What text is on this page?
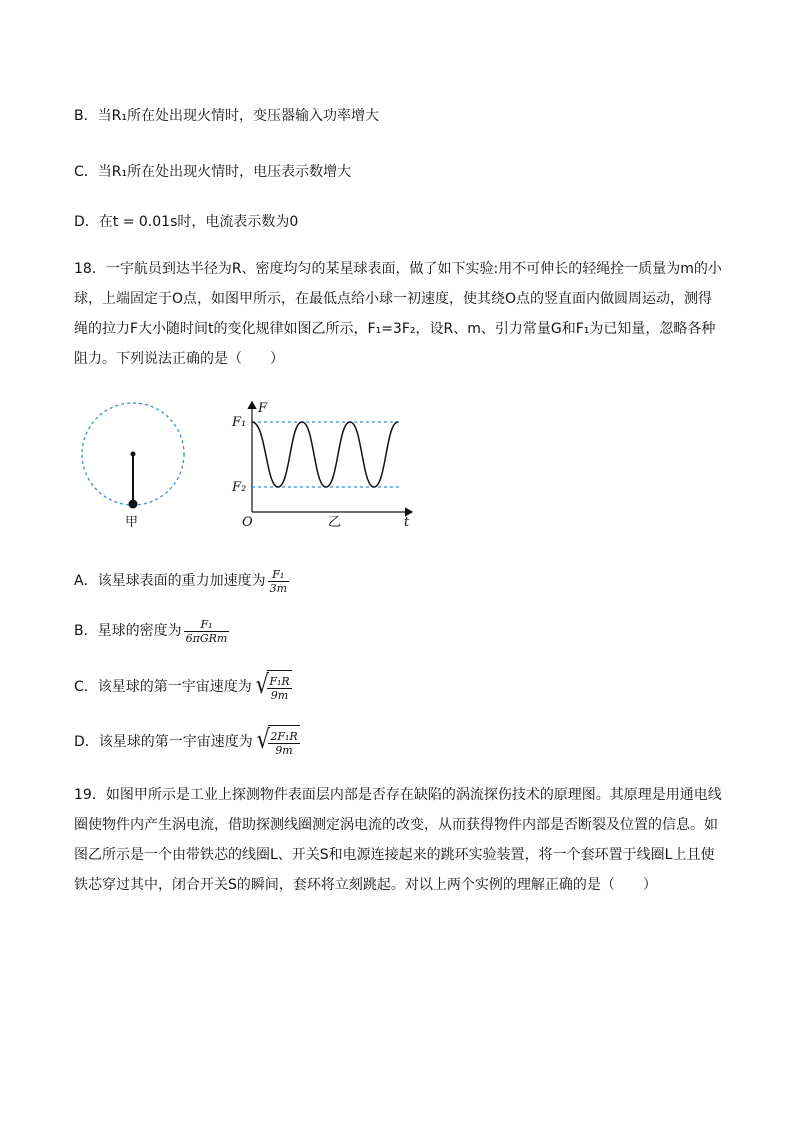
B．当R₁所在处出现火情时，变压器输入功率增大
C．当R₁所在处出现火情时，电压表示数增大
D．在t = 0.01s时，电流表示数为0
18．一宇航员到达半径为R、密度均匀的某星球表面，做了如下实验:用不可伸长的轻绳拴一质量为m的小球，上端固定于O点，如图甲所示，在最低点给小球一初速度，使其绕O点的竖直面内做圆周运动，测得绳的拉力F大小随时间t的变化规律如图乙所示，F₁=3F₂，设R、m、引力常量G和F₁为已知量，忽略各种阻力。下列说法正确的是（　　）
甲
F
t
O
F₁
F₂
乙
A．该星球表面的重力加速度为 $\frac{\text{F₁}}{3m}$
B．星球的密度为 $\frac{\text{F₁}}{\text{6πGRm}}$
C．该星球的第一宇宙速度为 √
$\frac{\text{F₁R}}{9m}$
D．该星球的第一宇宙速度为 √
$\frac{\text{2F₁R}}{9m}$
19．如图甲所示是工业上探测物件表面层内部是否存在缺陷的涡流探伤技术的原理图。其原理是用通电线圈使物件内产生涡电流，借助探测线圈测定涡电流的改变，从而获得物件内部是否断裂及位置的信息。如图乙所示是一个由带铁芯的线圈L、开关S和电源连接起来的跳环实验装置，将一个套环置于线圈L上且使铁芯穿过其中，闭合开关S的瞬间，套环将立刻跳起。对以上两个实例的理解正确的是（　　）
